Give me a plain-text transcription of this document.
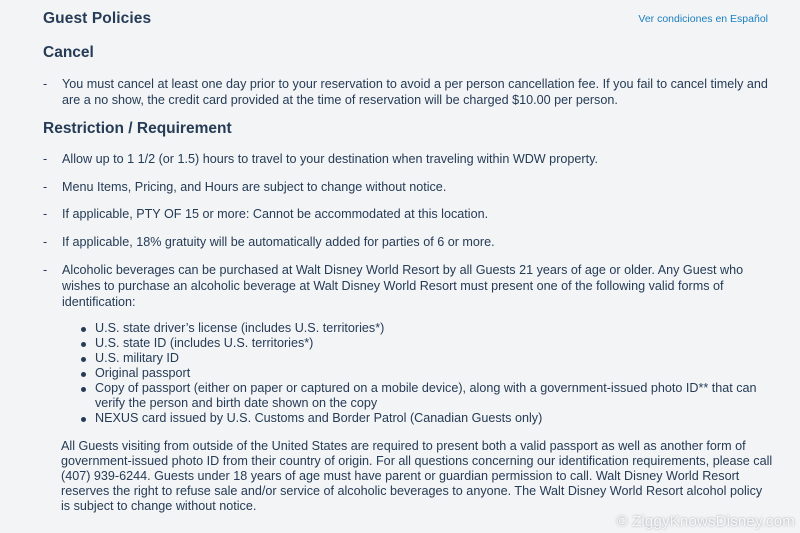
Guest Policies	Ver condiciones en Español
Cancel
-	You must cancel at least one day prior to your reservation to avoid a per person cancellation fee. If you fail to cancel timely and are a no show, the credit card provided at the time of reservation will be charged $10.00 per person.
Restriction / Requirement
-	Allow up to 1 1/2 (or 1.5) hours to travel to your destination when traveling within WDW property.
-	Menu Items, Pricing, and Hours are subject to change without notice.
-	If applicable, PTY OF 15 or more: Cannot be accommodated at this location.
-	If applicable, 18% gratuity will be automatically added for parties of 6 or more.
-	Alcoholic beverages can be purchased at Walt Disney World Resort by all Guests 21 years of age or older. Any Guest who wishes to purchase an alcoholic beverage at Walt Disney World Resort must present one of the following valid forms of identification:
U.S. state driver’s license (includes U.S. territories*)
U.S. state ID (includes U.S. territories*)
U.S. military ID
Original passport
Copy of passport (either on paper or captured on a mobile device), along with a government-issued photo ID** that can verify the person and birth date shown on the copy
NEXUS card issued by U.S. Customs and Border Patrol (Canadian Guests only)
All Guests visiting from outside of the United States are required to present both a valid passport as well as another form of government-issued photo ID from their country of origin. For all questions concerning our identification requirements, please call (407) 939-6244. Guests under 18 years of age must have parent or guardian permission to call. Walt Disney World Resort reserves the right to refuse sale and/or service of alcoholic beverages to anyone. The Walt Disney World Resort alcohol policy is subject to change without notice.
© ZiggyKnowsDisney.com
